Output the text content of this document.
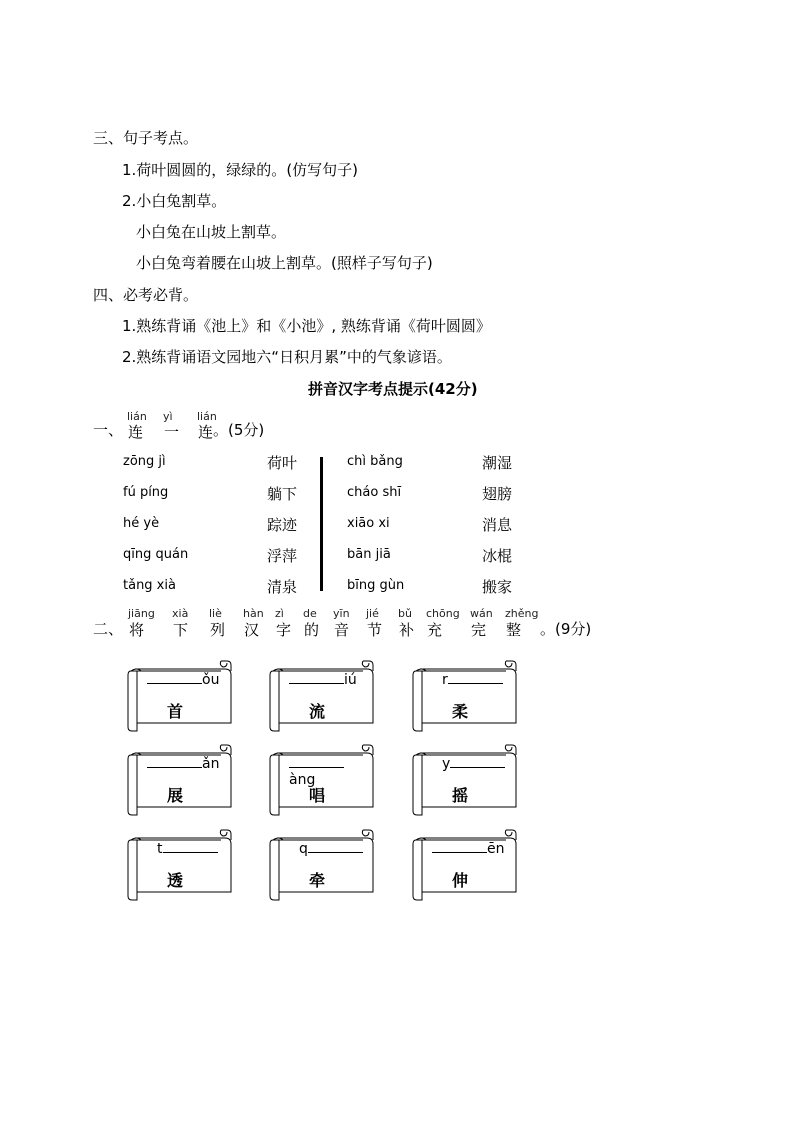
三、句子考点。
1.荷叶圆圆的，绿绿的。(仿写句子)
2.小白兔割草。
小白兔在山坡上割草。
小白兔弯着腰在山坡上割草。(照样子写句子)
四、必考必背。
1.熟练背诵《池上》和《小池》, 熟练背诵《荷叶圆圆》
2.熟练背诵语文园地六“日积月累”中的气象谚语。
拼音汉字考点提示(42分)
一、
lián
连
yì
一
lián
连 。(5分)
zōng jì	荷叶
fú píng	躺下
hé yè	踪迹
qīng quán	浮萍
tǎng xià	清泉
chì bǎng	潮湿
cháo shī	翅膀
xiāo xi	消息
bān jiā	冰棍
bīng gùn	搬家
二、
jiāng
将
xià
下
liè
列
hàn
汉
zì
字
de
的
yīn
音
jié
节
bǔ
补
chōng
充
wán
完
zhěng
整 。(9分)
ǒu
首
iú
流
r
柔
ǎn
展
àng
唱
y
摇
t
透
q
牵
ēn
伸
